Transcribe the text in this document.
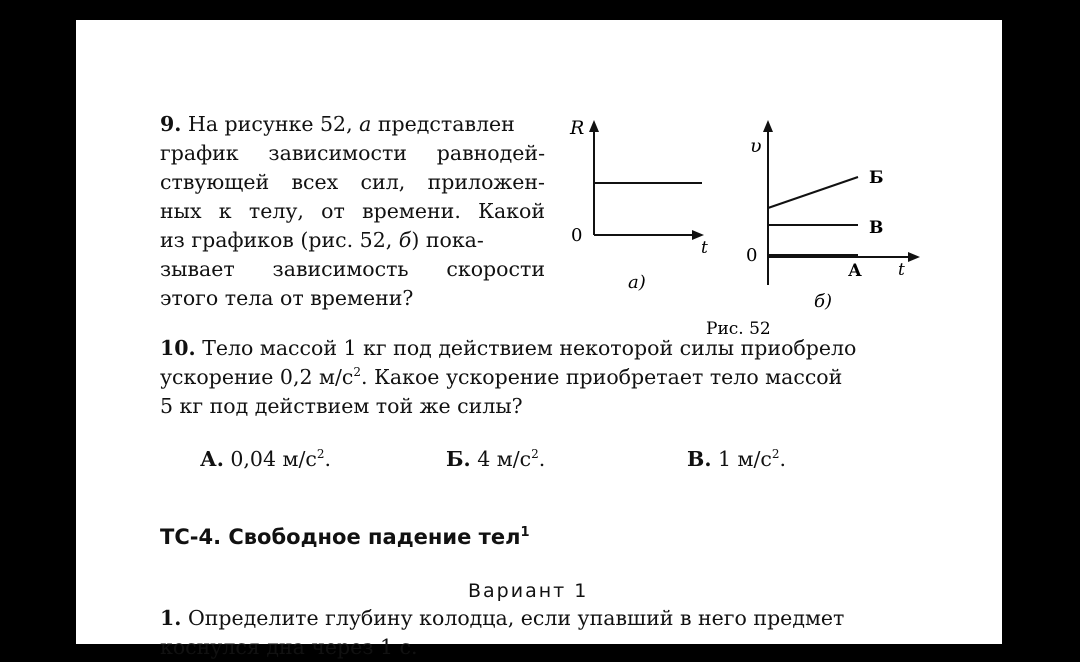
9. На рисунке 52, а представлен
график зависимости равнодей-
ствующей всех сил, приложен-
ных к телу, от времени. Какой
из графиков (рис. 52, б) пока-
зывает зависимость скорости
этого тела от времени?
R
t
0
а)
υ
t
0
Б
В
А
б)
Рис. 52
10. Тело массой 1 кг под действием некоторой силы приобрело
ускорение 0,2 $м/с^2$. Какое ускорение приобретает тело массой
5 кг под действием той же силы?
А. 0,04 $м/с^2$.	Б. 4 $м/с^2$.	В. 1 $м/с^2$.
ТС-4. Свободное падение тел$^1$
Вариант 1
1. Определите глубину колодца, если упавший в него предмет
коснулся дна через 1 с.
